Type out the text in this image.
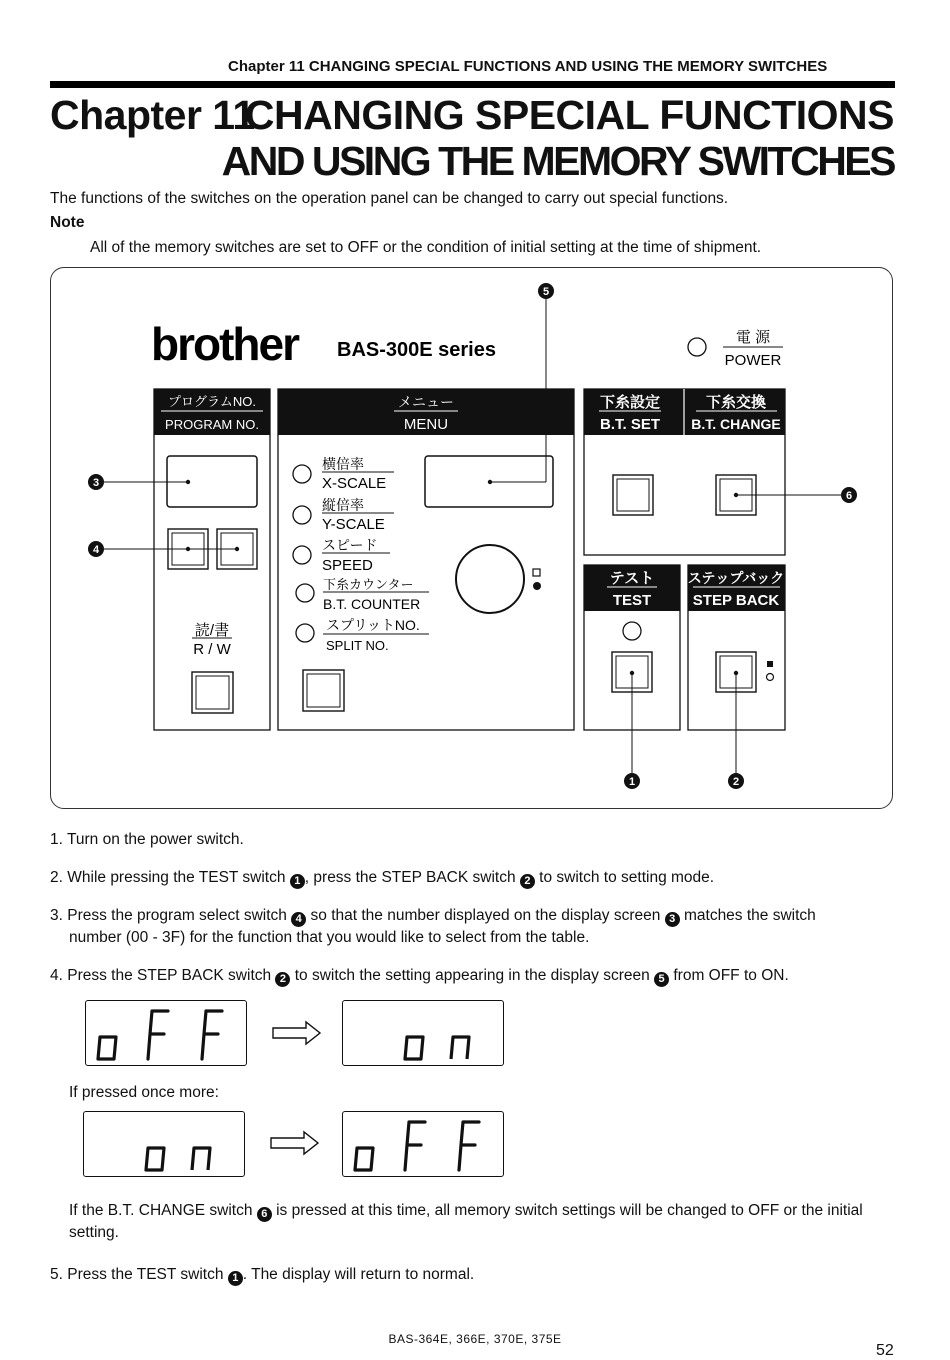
Chapter 11 CHANGING SPECIAL FUNCTIONS AND USING THE MEMORY SWITCHES
Chapter 11
CHANGING SPECIAL FUNCTIONS
AND USING THE MEMORY SWITCHES
The functions of the switches on the operation panel can be changed to carry out special functions.
Note
All of the memory switches are set to OFF or the condition of initial setting at the time of shipment.
brother BAS-300E series
電 源
POWER
プログラムNO.
PROGRAM NO.
読/書
R / W
メニュー
MENU
横倍率
X-SCALE
縦倍率
Y-SCALE
スピード
SPEED
下糸カウンター
B.T. COUNTER
スプリットNO.
SPLIT NO.
下糸設定
B.T. SET
下糸交換
B.T. CHANGE
テスト
TEST
ステップバック
STEP BACK
5
3
4
6
1	2
1. Turn on the power switch.
2. While pressing the TEST switch 1 , press the STEP BACK switch 2 to switch to setting mode.
3. Press the program select switch 4 so that the number displayed on the display screen 3 matches the switch
number (00 - 3F) for the function that you would like to select from the table.
4. Press the STEP BACK switch 2 to switch the setting appearing in the display screen 5 from OFF to ON.
oFF	on
If pressed once more:
on	oFF
If the B.T. CHANGE switch 6 is pressed at this time, all memory switch settings will be changed to OFF or the initial
setting.
5. Press the TEST switch 1 . The display will return to normal.
BAS-364E, 366E, 370E, 375E
52
